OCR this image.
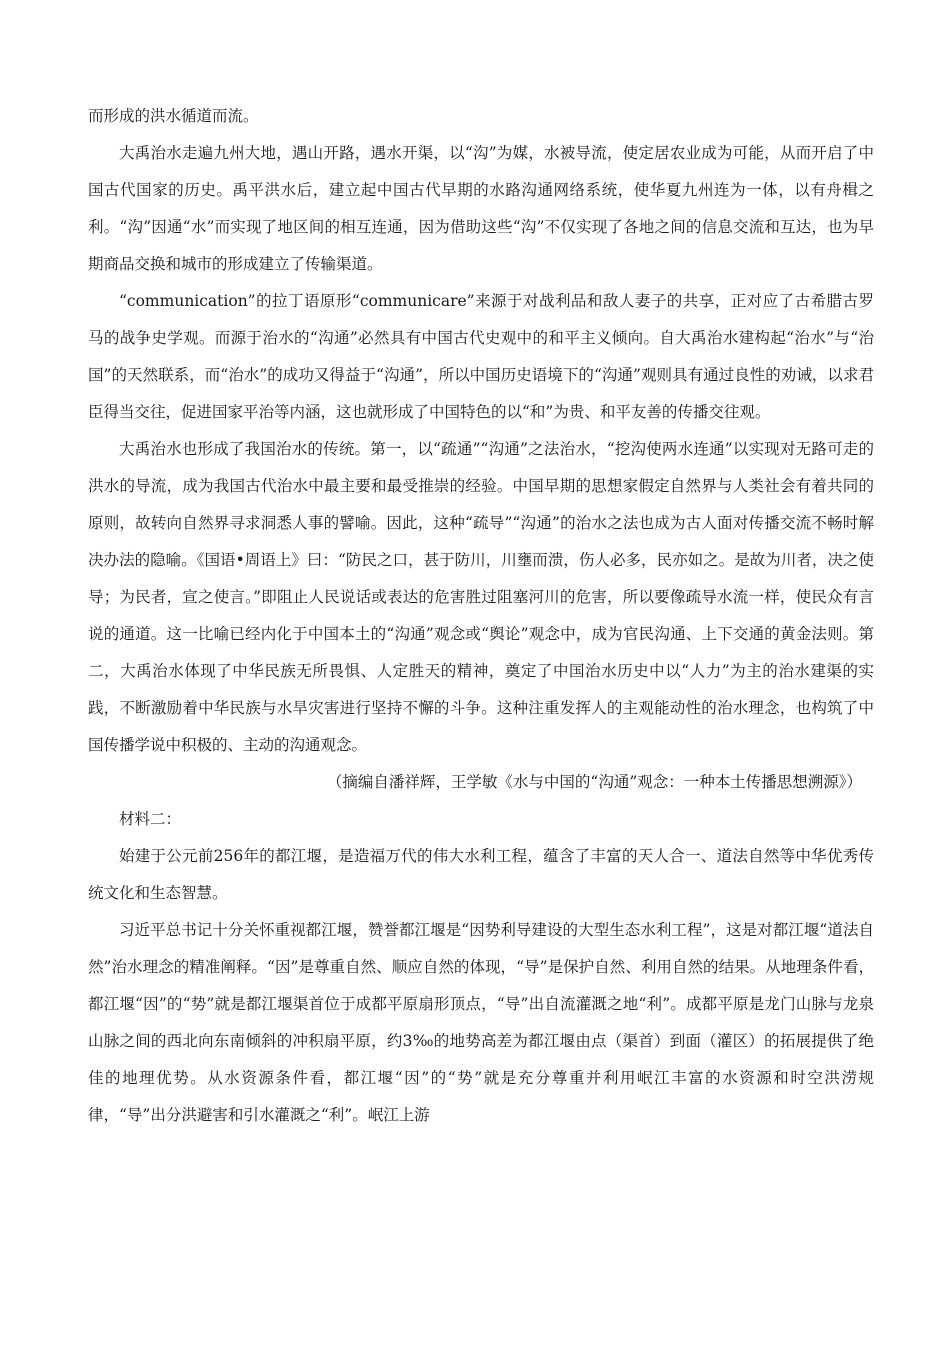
而形成的洪水循道而流。

大禹治水走遍九州大地，遇山开路，遇水开渠，以“沟”为媒，水被导流，使定居农业成为可能，从而开启了中国古代国家的历史。禹平洪水后，建立起中国古代早期的水路沟通网络系统，使华夏九州连为一体，以有舟楫之利。“沟”因通“水”而实现了地区间的相互连通，因为借助这些“沟”不仅实现了各地之间的信息交流和互达，也为早期商品交换和城市的形成建立了传输渠道。

“communication”的拉丁语原形“communicare”来源于对战利品和敌人妻子的共享，正对应了古希腊古罗马的战争史学观。而源于治水的“沟通”必然具有中国古代史观中的和平主义倾向。自大禹治水建构起“治水”与“治国”的天然联系，而“治水”的成功又得益于“沟通”，所以中国历史语境下的“沟通”观则具有通过良性的劝诫，以求君臣得当交往，促进国家平治等内涵，这也就形成了中国特色的以“和”为贵、和平友善的传播交往观。

大禹治水也形成了我国治水的传统。第一，以“疏通”“沟通”之法治水，“挖沟使两水连通”以实现对无路可走的洪水的导流，成为我国古代治水中最主要和最受推崇的经验。中国早期的思想家假定自然界与人类社会有着共同的原则，故转向自然界寻求洞悉人事的譬喻。因此，这种“疏导”“沟通”的治水之法也成为古人面对传播交流不畅时解决办法的隐喻。《国语•周语上》曰：“防民之口，甚于防川，川壅而溃，伤人必多，民亦如之。是故为川者，决之使导；为民者，宣之使言。”即阻止人民说话或表达的危害胜过阻塞河川的危害，所以要像疏导水流一样，使民众有言说的通道。这一比喻已经内化于中国本土的“沟通”观念或“舆论”观念中，成为官民沟通、上下交通的黄金法则。第二，大禹治水体现了中华民族无所畏惧、人定胜天的精神，奠定了中国治水历史中以“人力”为主的治水建渠的实践，不断激励着中华民族与水旱灾害进行坚持不懈的斗争。这种注重发挥人的主观能动性的治水理念，也构筑了中国传播学说中积极的、主动的沟通观念。

（摘编自潘祥辉，王学敏《水与中国的“沟通”观念：一种本土传播思想溯源》）

材料二：

始建于公元前256年的都江堰，是造福万代的伟大水利工程，蕴含了丰富的天人合一、道法自然等中华优秀传统文化和生态智慧。

习近平总书记十分关怀重视都江堰，赞誉都江堰是“因势利导建设的大型生态水利工程”，这是对都江堰“道法自然”治水理念的精准阐释。“因”是尊重自然、顺应自然的体现，“导”是保护自然、利用自然的结果。从地理条件看，都江堰“因”的“势”就是都江堰渠首位于成都平原扇形顶点，“导”出自流灌溉之地“利”。成都平原是龙门山脉与龙泉山脉之间的西北向东南倾斜的冲积扇平原，约3‰的地势高差为都江堰由点（渠首）到面（灌区）的拓展提供了绝佳的地理优势。从水资源条件看，都江堰“因”的“势”就是充分尊重并利用岷江丰富的水资源和时空洪涝规律，“导”出分洪避害和引水灌溉之“利”。岷江上游
